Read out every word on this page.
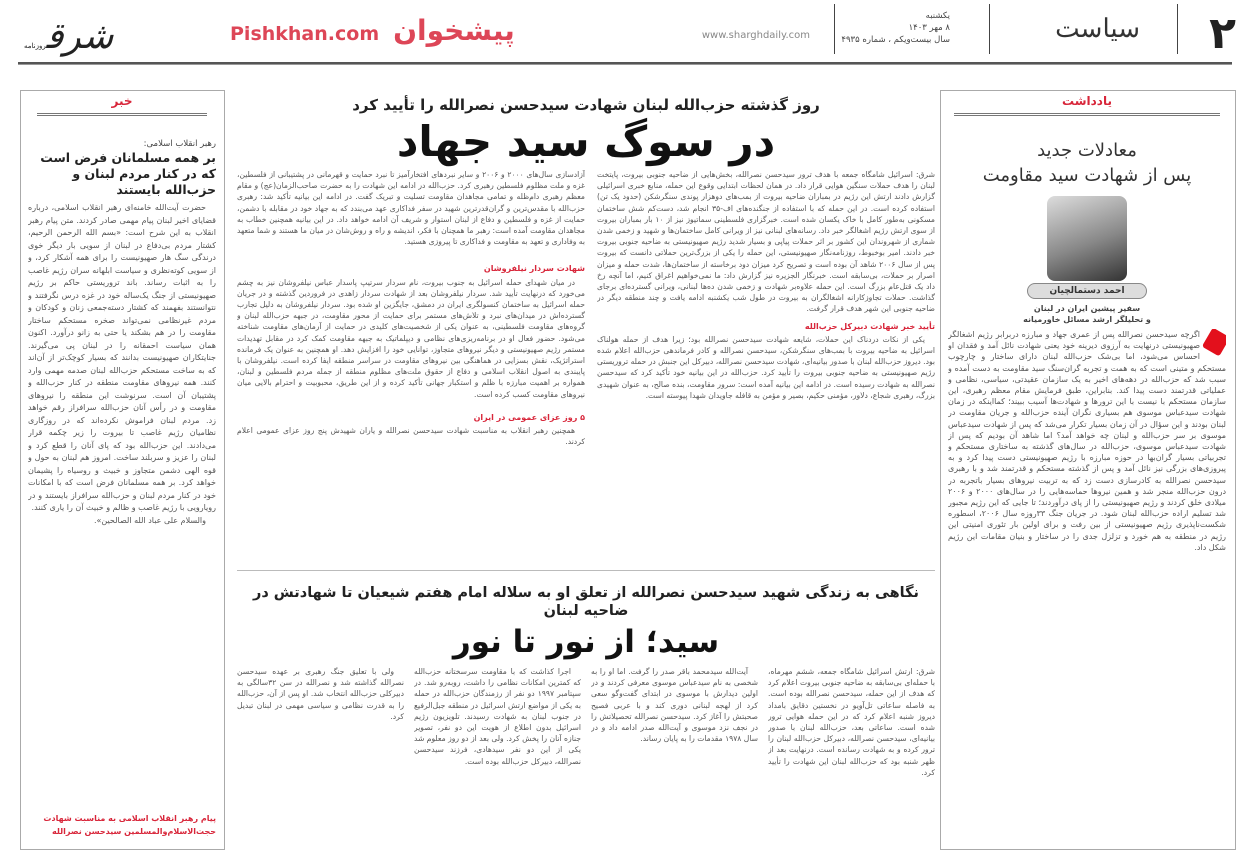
۲
سیاست
یکشنبه
۸ مهر ۱۴۰۳
سال بیست‌ویکم ، شماره ۴۹۳۵
www.sharghdaily.com
شرقروزنامه
Pishkhan.com پیشخوان
یادداشت
معادلات جدید
پس از شهادت سید مقاومت
احمد دستمالچیان
سفیر پیشین ایران در لبنان
و تحلیلگر ارشد مسائل خاورمیانه

اگرچه سیدحسن نصرالله پس از عمری جهاد و مبارزه دربرابر رژیم اشغالگر صهیونیستی درنهایت به آرزوی دیرینه خود یعنی شهادت نائل آمد و فقدان او احساس می‌شود، اما بی‌شک حزب‌الله لبنان دارای ساختار و چارچوب مستحکم و متینی است که به همت و تجربه گران‌سنگ سید مقاومت به دست آمده و سبب شد که حزب‌الله در دهه‌های اخیر به یک سازمان عقیدتی، سیاسی، نظامی و عملیاتی قدرتمند دست پیدا کند. بنابراین، طبق فرمایش مقام معظم رهبری، این سازمان مستحکم با نیست با این ترورها و شهادت‌ها آسیب ببیند؛ کمااینکه در زمان شهادت سیدعباس موسوی هم بسیاری نگران آینده حزب‌الله و جریان مقاومت در لبنان بودند و این سؤال در آن زمان بسیار تکرار می‌شد که پس از شهادت سیدعباس موسوی بر سر حزب‌الله و لبنان چه خواهد آمد؟ اما شاهد آن بودیم که پس از شهادت سیدعباس موسوی، حزب‌الله در سال‌های گذشته به ساختاری مستحکم و تجربیاتی بسیار گران‌بها در حوزه مبارزه با رژیم صهیونیستی دست پیدا کرد و به پیروزی‌های بزرگی نیز نائل آمد و پس از گذشته مستحکم و قدرتمند شد و با رهبری سیدحسن نصرالله به کادرسازی دست زد که به تربیت نیروهای بسیار باتجربه در درون حزب‌الله منجر شد و همین نیروها حماسه‌هایی را در سال‌های ۲۰۰۰ و ۲۰۰۶ میلادی خلق کردند و رژیم صهیونیستی را از پای درآوردند؛ تا جایی که این رژیم مجبور شد تسلیم اراده حزب‌الله لبنان شود. در جریان جنگ ۳۳روزه سال ۲۰۰۶، اسطوره شکست‌ناپذیری رژیم صهیونیستی از بین رفت و برای اولین بار تئوری امنیتی این رژیم در منطقه به هم خورد و تزلزل جدی را در ساختار و بنیان مقامات این رژیم شکل داد.

خبر
رهبر انقلاب اسلامی:
بر همه مسلمانان فرض است که در کنار مردم لبنان و حزب‌الله بایستند

حضرت آیت‌الله خامنه‌ای رهبر انقلاب اسلامی، درباره قضایای اخیر لبنان پیام مهمی صادر کردند. متن پیام رهبر انقلاب به این شرح است: «بسم الله الرحمن الرحیم، کشتار مردم بی‌دفاع در لبنان از سویی بار دیگر خوی درندگی سگ هار صهیونیست را برای همه آشکار کرد، و از سویی کوته‌نظری و سیاست ابلهانه سران رژیم غاصب را به اثبات رساند. باند تروریستی حاکم بر رژیم صهیونیستی از جنگ یک‌ساله خود در غزه درس نگرفتند و نتوانستند بفهمند که کشتار دسته‌جمعی زنان و کودکان و مردم غیرنظامی نمی‌تواند صخره مستحکم ساختار مقاومت را در هم بشکند یا حتی به زانو درآورد. اکنون همان سیاست احمقانه را در لبنان پی می‌گیرند. جنایتکاران صهیونیست بدانند که بسیار کوچک‌تر از آن‌اند که به ساخت مستحکم حزب‌الله لبنان صدمه مهمی وارد کنند. همه نیروهای مقاومت منطقه در کنار حزب‌الله و پشتیبان آن است. سرنوشت این منطقه را نیروهای مقاومت و در رأس آنان حزب‌الله سرافراز رقم خواهد زد. مردم لبنان فراموش نکرده‌اند که در روزگاری نظامیان رژیم غاصب تا بیروت را زیر چکمه قرار می‌دادند. این حزب‌الله بود که پای آنان را قطع کرد و لبنان را عزیز و سربلند ساخت. امروز هم لبنان به حول و قوه الهی دشمن متجاوز و خبیث و روسیاه را پشیمان خواهد کرد. بر همه مسلمانان فرض است که با امکانات خود در کنار مردم لبنان و حزب‌الله سرافراز بایستند و در رویارویی با رژیم غاصب و ظالم و خبیث آن را یاری کنند.

والسلام علی عباد الله الصالحین».

پیام رهبر انقلاب اسلامی به مناسبت شهادت حجت‌الاسلام‌والمسلمین سیدحسن نصرالله
روز گذشته حزب‌الله لبنان شهادت سیدحسن نصرالله را تأیید کرد
در سوگ سید جهاد

شرق: اسرائیل شامگاه جمعه با هدف ترور سیدحسن نصرالله، بخش‌هایی از ضاحیه جنوبی بیروت، پایتخت لبنان را هدف حملات سنگین هوایی قرار داد. در همان لحظات ابتدایی وقوع این حمله، منابع خبری اسرائیلی گزارش دادند ارتش این رژیم در بمباران ضاحیه بیروت از بمب‌های دوهزار پوندی سنگرشکن (حدود یک تن) استفاده کرده است. در این حمله که با استفاده از جنگنده‌های اف-۳۵ انجام شد، دست‌کم شش ساختمان مسکونی به‌طور کامل با خاک یکسان شده است. خبرگزاری فلسطینی سماتیوز نیز از ۱۰ بار بمباران بیروت از سوی ارتش رژیم اشغالگر خبر داد. رسانه‌های لبنانی نیز از ویرانی کامل ساختمان‌ها و شهید و زخمی شدن شماری از شهروندان این کشور بر اثر حملات پیاپی و بسیار شدید رژیم صهیونیستی به ضاحیه جنوبی بیروت خبر دادند. امیر بوخبوط، روزنامه‌نگار صهیونیستی، این حمله را یکی از بزرگ‌ترین حملاتی دانست که بیروت پس از سال ۲۰۰۶ شاهد آن بوده است و تصریح کرد میزان دود برخاسته از ساختمان‌ها، شدت حمله و میزان اصرار بر حملات، بی‌سابقه است. خبرنگار الجزیره نیز گزارش داد: ما نمی‌خواهیم اغراق کنیم، اما آنچه رخ داد یک قتل‌عام بزرگ است. این حمله علاوه‌بر شهادت و زخمی شدن ده‌ها لبنانی، ویرانی گسترده‌ای برجای گذاشت. حملات تجاوزکارانه اشغالگران به بیروت در طول شب یکشنبه ادامه یافت و چند منطقه دیگر در ضاحیه جنوبی این شهر هدف قرار گرفت.

تأیید خبر شهادت دبیرکل حزب‌الله

یکی از نکات دردناک این حملات، شایعه شهادت سیدحسن نصرالله بود؛ زیرا هدف از حمله هولناک اسرائیل به ضاحیه بیروت با بمب‌های سنگرشکن، سیدحسن نصرالله و کادر فرماندهی حزب‌الله اعلام شده بود. دیروز حزب‌الله لبنان با صدور بیانیه‌ای، شهادت سیدحسن نصرالله، دبیرکل این جنبش در حمله تروریستی رژیم صهیونیستی به ضاحیه جنوبی بیروت را تأیید کرد. حزب‌الله در این بیانیه خود تأکید کرد که سیدحسن نصرالله به شهادت رسیده است. در ادامه این بیانیه آمده است: سرور مقاومت، بنده صالح، به عنوان شهیدی بزرگ، رهبری شجاع، دلاور، مؤمنی حکیم، بصیر و مؤمن به قافله جاویدان شهدا پیوسته است.

آزادسازی سال‌های ۲۰۰۰ و ۲۰۰۶ و سایر نبردهای افتخارآمیز تا نبرد حمایت و قهرمانی در پشتیبانی از فلسطین، غزه و ملت مظلوم فلسطین رهبری کرد. حزب‌الله در ادامه این شهادت را به حضرت صاحب‌الزمان(عج) و مقام معظم رهبری دام‌ظله و تمامی مجاهدان مقاومت تسلیت و تبریک گفت. در ادامه این بیانیه تأکید شد: رهبری حزب‌الله با مقدس‌ترین و گران‌قدرترین شهید در سفر فداکاری عهد می‌بندد که به جهاد خود در مقابله با دشمن، حمایت از غزه و فلسطین و دفاع از لبنان استوار و شریف آن ادامه خواهد داد. در این بیانیه همچنین خطاب به مجاهدان مقاومت آمده است: رهبر ما همچنان با فکر، اندیشه و راه و روش‌شان در میان ما هستند و شما متعهد به وفاداری و تعهد به مقاومت و فداکاری تا پیروزی هستید.

شهادت سردار نیلفروشان

در میان شهدای حمله اسرائیل به جنوب بیروت، نام سردار سرتیپ پاسدار عباس نیلفروشان نیز به چشم می‌خورد که درنهایت تأیید شد. سردار نیلفروشان بعد از شهادت سردار زاهدی در فروردین گذشته و در جریان حمله اسرائیل به ساختمان کنسولگری ایران در دمشق، جایگزین او شده بود. سردار نیلفروشان به دلیل تجارب گسترده‌اش در میدان‌های نبرد و تلاش‌های مستمر برای حمایت از محور مقاومت، در جبهه حزب‌الله لبنان و گروه‌های مقاومت فلسطینی، به عنوان یکی از شخصیت‌های کلیدی در حمایت از آرمان‌های مقاومت شناخته می‌شود. حضور فعال او در برنامه‌ریزی‌های نظامی و دیپلماتیک به جبهه مقاومت کمک کرد در مقابل تهدیدات مستمر رژیم صهیونیستی و دیگر نیروهای متجاوز، توانایی خود را افزایش دهد. او همچنین به عنوان یک فرمانده استراتژیک، نقش بسزایی در هماهنگی بین نیروهای مقاومت در سراسر منطقه ایفا کرده است. نیلفروشان با پایبندی به اصول انقلاب اسلامی و دفاع از حقوق ملت‌های مظلوم منطقه از جمله مردم فلسطین و لبنان، همواره بر اهمیت مبارزه با ظلم و استکبار جهانی تأکید کرده و از این طریق، محبوبیت و احترام بالایی میان نیروهای مقاومت کسب کرده است.

۵ روز عزای عمومی در ایران

همچنین رهبر انقلاب به مناسبت شهادت سیدحسن نصرالله و یاران شهیدش پنج روز عزای عمومی اعلام کردند.

نگاهی به زندگی شهید سیدحسن نصرالله از تعلق او به سلاله امام هفتم شیعیان تا شهادتش در ضاحیه لبنان
سید؛ از نور تا نور

شرق: ارتش اسرائیل شامگاه جمعه، ششم مهرماه، با حمله‌ای بی‌سابقه به ضاحیه جنوبی بیروت اعلام کرد که هدف از این حمله، سیدحسن نصرالله بوده است. به فاصله ساعاتی تل‌آویو در نخستین دقایق بامداد دیروز شنبه اعلام کرد که در این حمله هوایی ترور شده است. ساعاتی بعد، حزب‌الله لبنان با صدور بیانیه‌ای، سیدحسن نصرالله، دبیرکل حزب‌الله لبنان را ترور کرده و به شهادت رسانده است. درنهایت بعد از ظهر شنبه بود که حزب‌الله لبنان این شهادت را تأیید کرد.

آیت‌الله سیدمحمد باقر صدر را گرفت. اما او را به شخصی به نام سیدعباس موسوی معرفی کردند و در اولین دیدارش با موسوی در ابتدای گفت‌وگو سعی کرد از لهجه لبنانی دوری کند و با عربی فصیح صحبتش را آغاز کرد. سیدحسن نصرالله تحصیلاتش را در نجف نزد موسوی و آیت‌الله صدر ادامه داد و در سال ۱۹۷۸ مقدمات را به پایان رساند.

اجرا کذاشت که با مقاومت سرسختانه حزب‌الله که کمترین امکانات نظامی را داشت، روبه‌رو شد. در سپتامبر ۱۹۹۷ دو نفر از رزمندگان حزب‌الله در حمله به یکی از مواضع ارتش اسرائیل در منطقه جبل‌الرفیع در جنوب لبنان به شهادت رسیدند. تلویزیون رژیم اسرائیل بدون اطلاع از هویت این دو نفر، تصویر جنازه آنان را پخش کرد. ولی بعد از دو روز معلوم شد یکی از این دو نفر سیدهادی، فرزند سیدحسن نصرالله، دبیرکل حزب‌الله بوده است.

ولی با تعلیق جنگ رهبری بر عهده سیدحسن نصرالله گذاشته شد و نصرالله در سن ۳۲سالگی به دبیرکلی حزب‌الله انتخاب شد. او پس از آن، حزب‌الله را به قدرت نظامی و سیاسی مهمی در لبنان تبدیل کرد.
